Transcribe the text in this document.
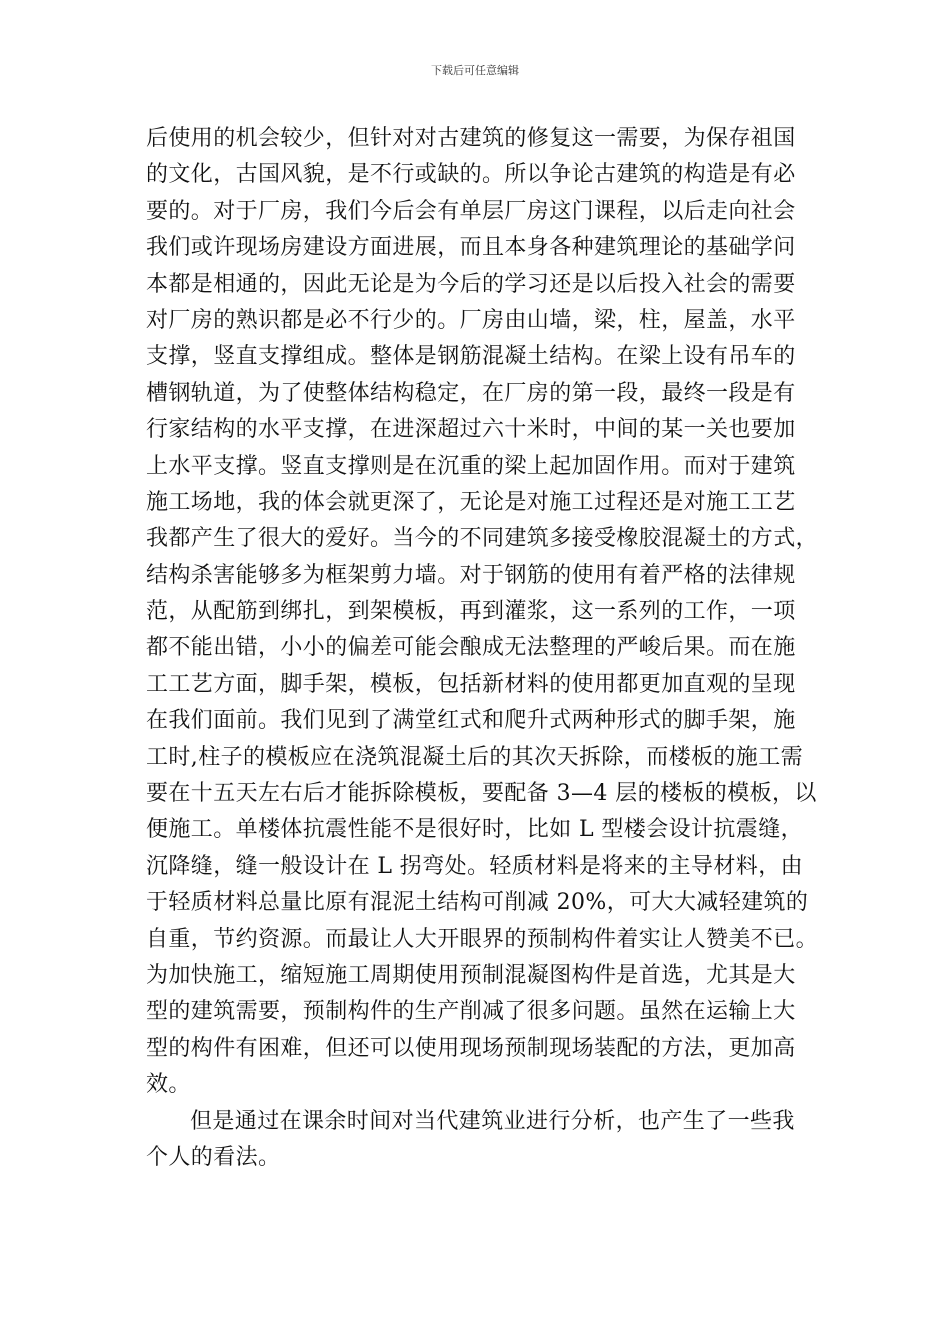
下载后可任意编辑
后使用的机会较少，但针对对古建筑的修复这一需要，为保存祖国
的文化，古国风貌，是不行或缺的。所以争论古建筑的构造是有必
要的。对于厂房，我们今后会有单层厂房这门课程，以后走向社会
我们或许现场房建设方面进展，而且本身各种建筑理论的基础学问
本都是相通的，因此无论是为今后的学习还是以后投入社会的需要
对厂房的熟识都是必不行少的。厂房由山墙，梁，柱，屋盖，水平
支撑，竖直支撑组成。整体是钢筋混凝土结构。在梁上设有吊车的
槽钢轨道，为了使整体结构稳定，在厂房的第一段，最终一段是有
行家结构的水平支撑，在进深超过六十米时，中间的某一关也要加
上水平支撑。竖直支撑则是在沉重的梁上起加固作用。而对于建筑
施工场地，我的体会就更深了，无论是对施工过程还是对施工工艺
我都产生了很大的爱好。当今的不同建筑多接受橡胶混凝土的方式，
结构杀害能够多为框架剪力墙。对于钢筋的使用有着严格的法律规
范，从配筋到绑扎，到架模板，再到灌浆，这一系列的工作，一项
都不能出错，小小的偏差可能会酿成无法整理的严峻后果。而在施
工工艺方面，脚手架，模板，包括新材料的使用都更加直观的呈现
在我们面前。我们见到了满堂红式和爬升式两种形式的脚手架，施
工时,柱子的模板应在浇筑混凝土后的其次天拆除，而楼板的施工需
要在十五天左右后才能拆除模板，要配备 3—4 层的楼板的模板，以
便施工。单楼体抗震性能不是很好时，比如 L 型楼会设计抗震缝，
沉降缝，缝一般设计在 L 拐弯处。轻质材料是将来的主导材料，由
于轻质材料总量比原有混泥土结构可削减 20%，可大大减轻建筑的
自重，节约资源。而最让人大开眼界的预制构件着实让人赞美不已。
为加快施工，缩短施工周期使用预制混凝图构件是首选，尤其是大
型的建筑需要，预制构件的生产削减了很多问题。虽然在运输上大
型的构件有困难，但还可以使用现场预制现场装配的方法，更加高
效。
但是通过在课余时间对当代建筑业进行分析，也产生了一些我
个人的看法。
